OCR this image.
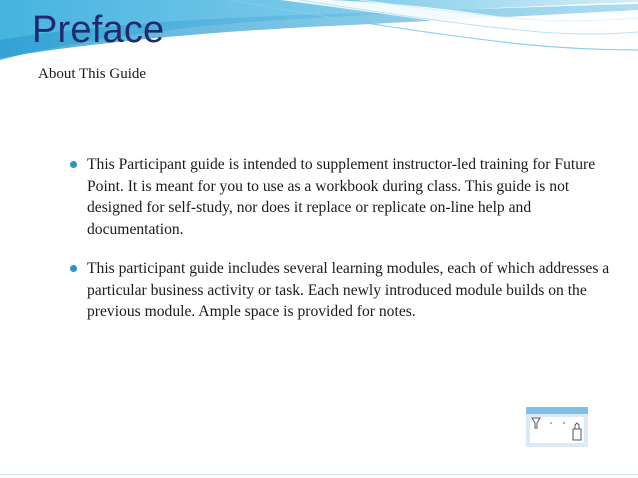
Preface
About This Guide
This Participant guide is intended to supplement instructor-led training for Future Point. It is meant for you to use as a workbook during class. This guide is not designed for self-study, nor does it replace or replicate on-line help and documentation.
This participant guide includes several learning modules, each of which addresses a particular business activity or task. Each newly introduced module builds on the previous module. Ample space is provided for notes.
